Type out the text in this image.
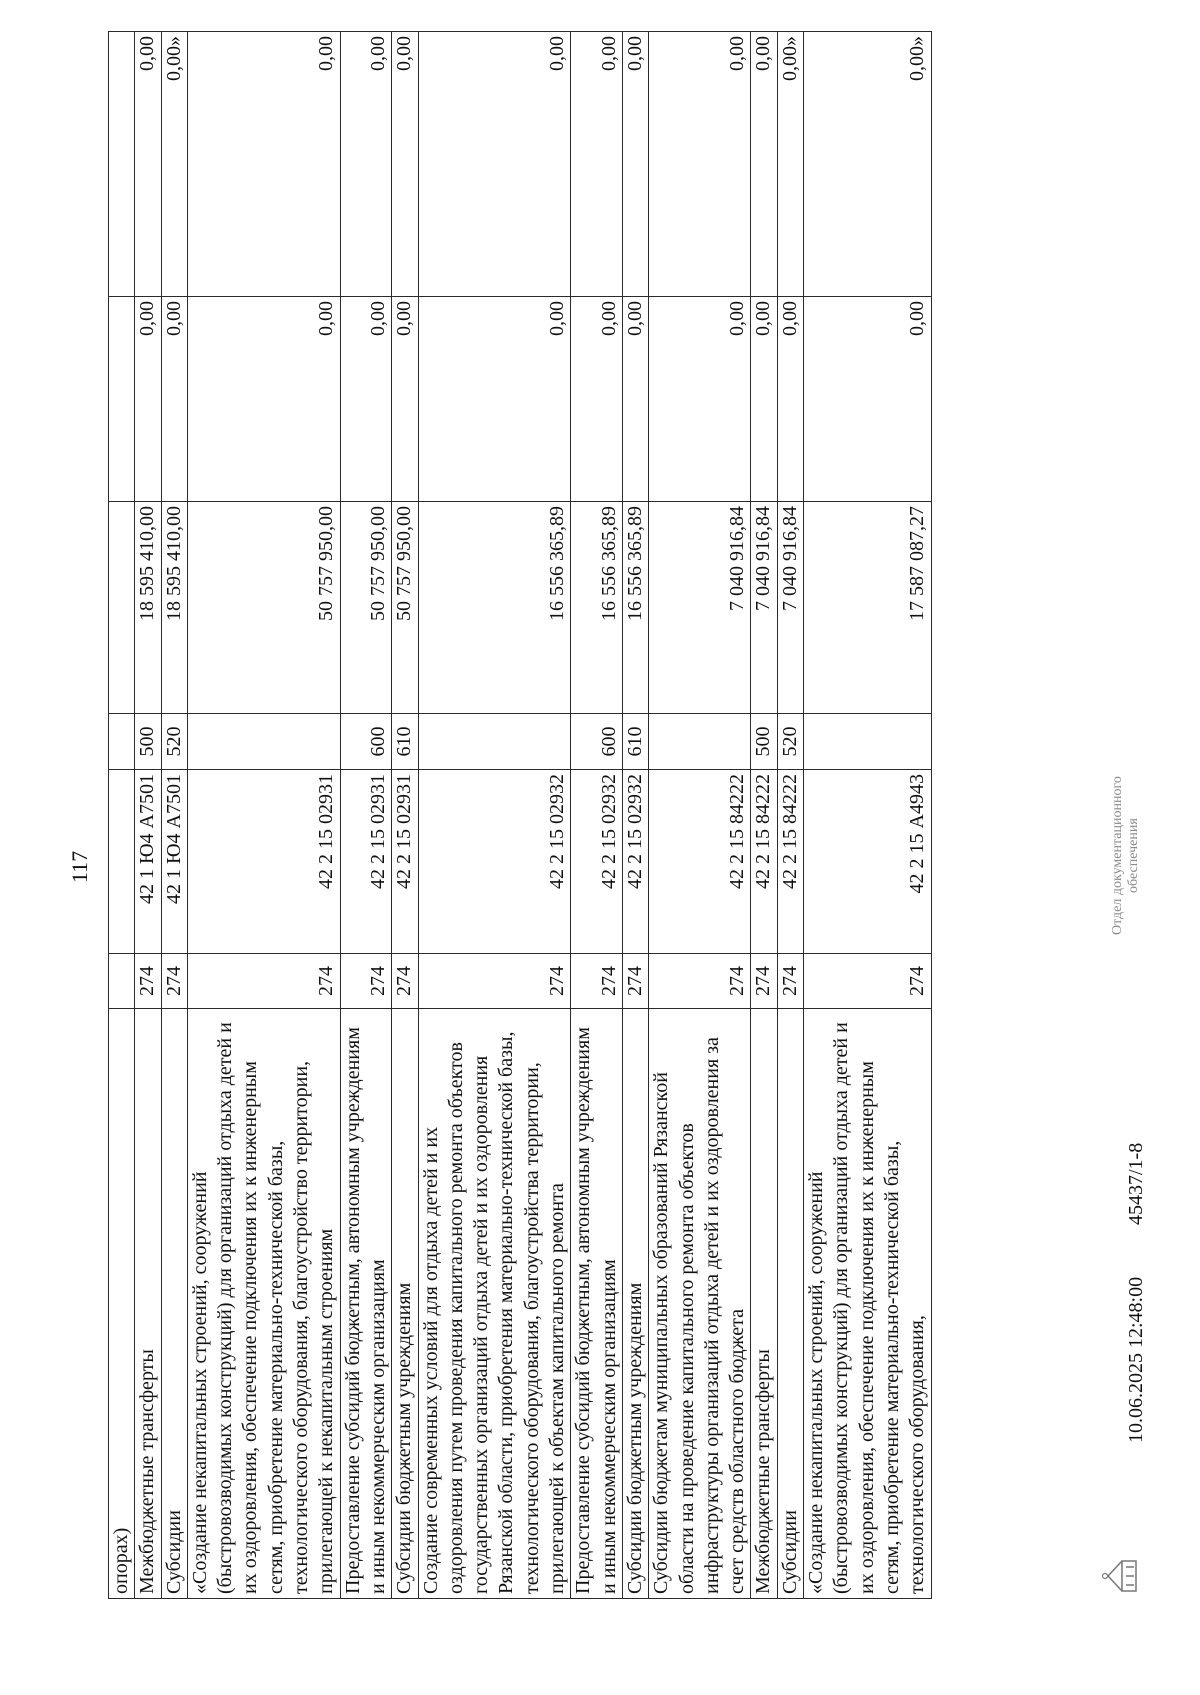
117
опорах)						
Межбюджетные трансферты	274	42 1 Ю4 А7501	500	18 595 410,00	0,00	0,00
Субсидии	274	42 1 Ю4 А7501	520	18 595 410,00	0,00	0,00»
«Создание некапитальных строений, сооружений (быстровозводимых конструкций) для организаций отдыха детей и их оздоровления, обеспечение подключения их к инженерным сетям, приобретение материально-технической базы, технологического оборудования, благоустройство территории, прилегающей к некапитальным строениям	274	42 2 15 02931		50 757 950,00	0,00	0,00
Предоставление субсидий бюджетным, автономным учреждениям и иным некоммерческим организациям	274	42 2 15 02931	600	50 757 950,00	0,00	0,00
Субсидии бюджетным учреждениям	274	42 2 15 02931	610	50 757 950,00	0,00	0,00
Создание современных условий для отдыха детей и их оздоровления путем проведения капитального ремонта объектов государственных организаций отдыха детей и их оздоровления Рязанской области, приобретения материально-технической базы, технологического оборудования, благоустройства территории, прилегающей к объектам капитального ремонта	274	42 2 15 02932		16 556 365,89	0,00	0,00
Предоставление субсидий бюджетным, автономным учреждениям и иным некоммерческим организациям	274	42 2 15 02932	600	16 556 365,89	0,00	0,00
Субсидии бюджетным учреждениям	274	42 2 15 02932	610	16 556 365,89	0,00	0,00
Субсидии бюджетам муниципальных образований Рязанской области на проведение капитального ремонта объектов инфраструктуры организаций отдыха детей и их оздоровления за счет средств областного бюджета	274	42 2 15 84222		7 040 916,84	0,00	0,00
Межбюджетные трансферты	274	42 2 15 84222	500	7 040 916,84	0,00	0,00
Субсидии	274	42 2 15 84222	520	7 040 916,84	0,00	0,00»
«Создание некапитальных строений, сооружений (быстровозводимых конструкций) для организаций отдыха детей и их оздоровления, обеспечение подключения их к инженерным сетям, приобретение материально-технической базы, технологического оборудования,	274	42 2 15 А4943		17 587 087,27	0,00	0,00»
10.06.2025 12:48:00
45437/1-8
Отдел документационного обеспечения
